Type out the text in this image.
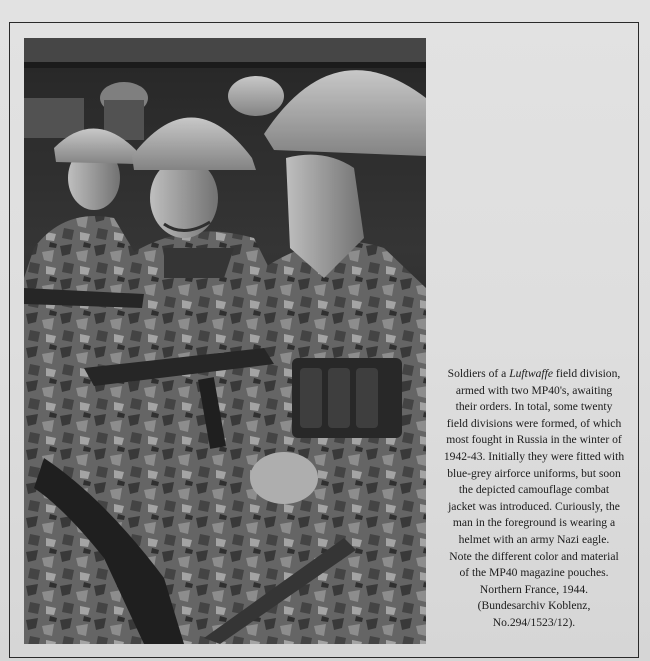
Soldiers of a Luftwaffe field division,
armed with two MP40's, awaiting
their orders. In total, some twenty
field divisions were formed, of which
most fought in Russia in the winter of
1942-43. Initially they were fitted with
blue-grey airforce uniforms, but soon
the depicted camouflage combat
jacket was introduced. Curiously, the
man in the foreground is wearing a
helmet with an army Nazi eagle.
Note the different color and material
of the MP40 magazine pouches.
Northern France, 1944.
(Bundesarchiv Koblenz,
No.294/1523/12).
